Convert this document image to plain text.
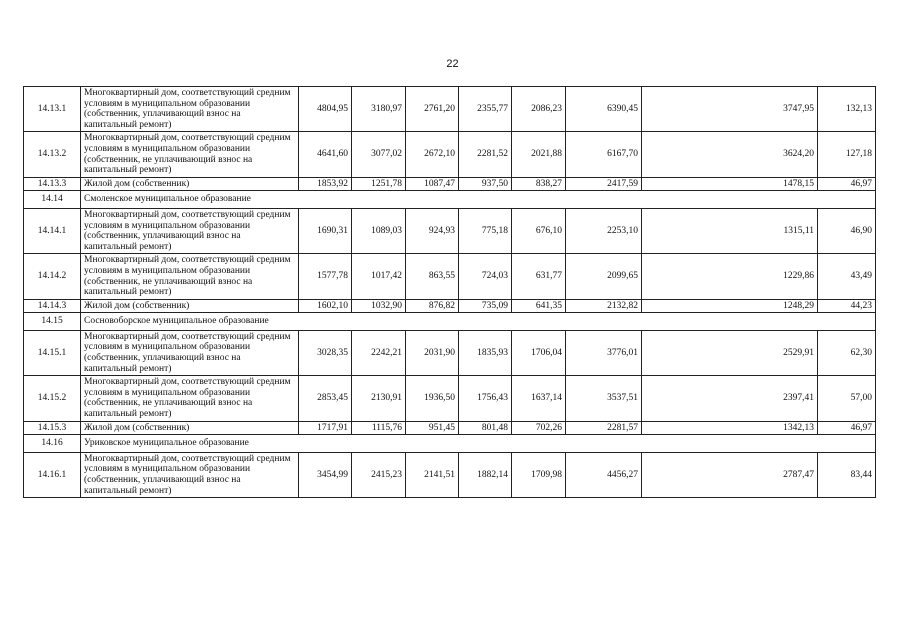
22
14.13.1	Многоквартирный дом, соответствующий средним условиям в муниципальном образовании (собственник, уплачивающий взнос на капитальный ремонт)	4804,95	3180,97	2761,20	2355,77	2086,23	6390,45	3747,95	132,13
14.13.2	Многоквартирный дом, соответствующий средним условиям в муниципальном образовании (собственник, не уплачивающий взнос на капитальный ремонт)	4641,60	3077,02	2672,10	2281,52	2021,88	6167,70	3624,20	127,18
14.13.3	Жилой дом (собственник)	1853,92	1251,78	1087,47	937,50	838,27	2417,59	1478,15	46,97
14.14	Смоленское муниципальное образование								
14.14.1	Многоквартирный дом, соответствующий средним условиям в муниципальном образовании (собственник, уплачивающий взнос на капитальный ремонт)	1690,31	1089,03	924,93	775,18	676,10	2253,10	1315,11	46,90
14.14.2	Многоквартирный дом, соответствующий средним условиям в муниципальном образовании (собственник, не уплачивающий взнос на капитальный ремонт)	1577,78	1017,42	863,55	724,03	631,77	2099,65	1229,86	43,49
14.14.3	Жилой дом (собственник)	1602,10	1032,90	876,82	735,09	641,35	2132,82	1248,29	44,23
14.15	Сосновоборское муниципальное образование								
14.15.1	Многоквартирный дом, соответствующий средним условиям в муниципальном образовании (собственник, уплачивающий взнос на капитальный ремонт)	3028,35	2242,21	2031,90	1835,93	1706,04	3776,01	2529,91	62,30
14.15.2	Многоквартирный дом, соответствующий средним условиям в муниципальном образовании (собственник, не уплачивающий взнос на капитальный ремонт)	2853,45	2130,91	1936,50	1756,43	1637,14	3537,51	2397,41	57,00
14.15.3	Жилой дом (собственник)	1717,91	1115,76	951,45	801,48	702,26	2281,57	1342,13	46,97
14.16	Уриковское муниципальное образование								
14.16.1	Многоквартирный дом, соответствующий средним условиям в муниципальном образовании (собственник, уплачивающий взнос на капитальный ремонт)	3454,99	2415,23	2141,51	1882,14	1709,98	4456,27	2787,47	83,44
